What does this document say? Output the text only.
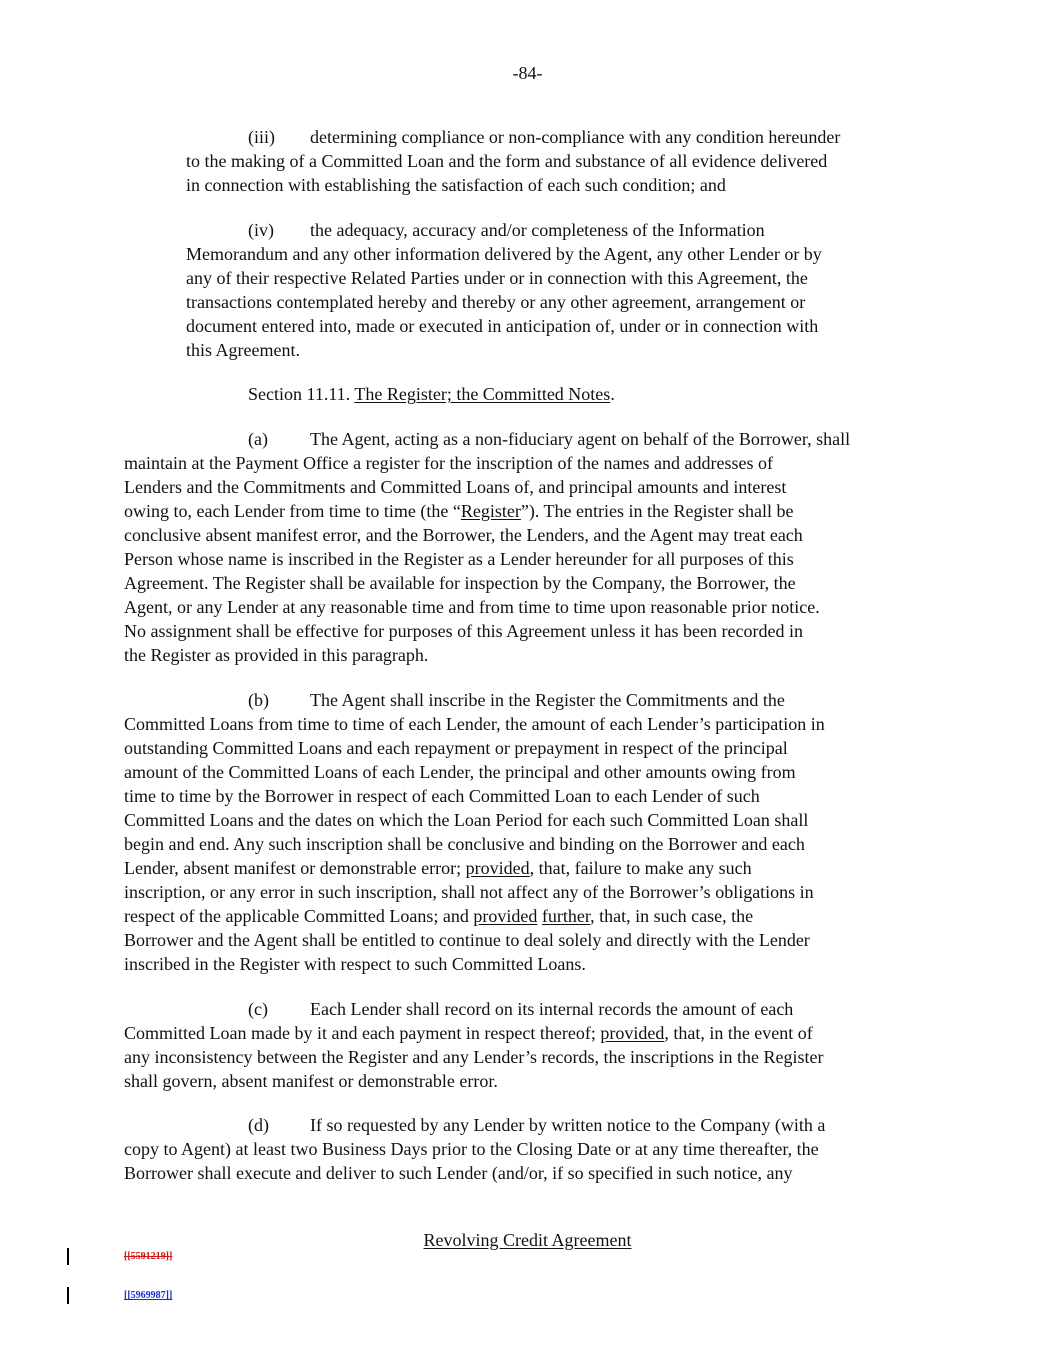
-84-
(iii) determining compliance or non-compliance with any condition hereunder
to the making of a Committed Loan and the form and substance of all evidence delivered
in connection with establishing the satisfaction of each such condition; and
(iv) the adequacy, accuracy and/or completeness of the Information
Memorandum and any other information delivered by the Agent, any other Lender or by
any of their respective Related Parties under or in connection with this Agreement, the
transactions contemplated hereby and thereby or any other agreement, arrangement or
document entered into, made or executed in anticipation of, under or in connection with
this Agreement.
Section 11.11. The Register; the Committed Notes.
(a) The Agent, acting as a non-fiduciary agent on behalf of the Borrower, shall
maintain at the Payment Office a register for the inscription of the names and addresses of
Lenders and the Commitments and Committed Loans of, and principal amounts and interest
owing to, each Lender from time to time (the “Register”). The entries in the Register shall be
conclusive absent manifest error, and the Borrower, the Lenders, and the Agent may treat each
Person whose name is inscribed in the Register as a Lender hereunder for all purposes of this
Agreement. The Register shall be available for inspection by the Company, the Borrower, the
Agent, or any Lender at any reasonable time and from time to time upon reasonable prior notice.
No assignment shall be effective for purposes of this Agreement unless it has been recorded in
the Register as provided in this paragraph.
(b) The Agent shall inscribe in the Register the Commitments and the
Committed Loans from time to time of each Lender, the amount of each Lender’s participation in
outstanding Committed Loans and each repayment or prepayment in respect of the principal
amount of the Committed Loans of each Lender, the principal and other amounts owing from
time to time by the Borrower in respect of each Committed Loan to each Lender of such
Committed Loans and the dates on which the Loan Period for each such Committed Loan shall
begin and end. Any such inscription shall be conclusive and binding on the Borrower and each
Lender, absent manifest or demonstrable error; provided, that, failure to make any such
inscription, or any error in such inscription, shall not affect any of the Borrower’s obligations in
respect of the applicable Committed Loans; and provided further, that, in such case, the
Borrower and the Agent shall be entitled to continue to deal solely and directly with the Lender
inscribed in the Register with respect to such Committed Loans.
(c) Each Lender shall record on its internal records the amount of each
Committed Loan made by it and each payment in respect thereof; provided, that, in the event of
any inconsistency between the Register and any Lender’s records, the inscriptions in the Register
shall govern, absent manifest or demonstrable error.
(d) If so requested by any Lender by written notice to the Company (with a
copy to Agent) at least two Business Days prior to the Closing Date or at any time thereafter, the
Borrower shall execute and deliver to such Lender (and/or, if so specified in such notice, any
Revolving Credit Agreement
[[5591219]]
[[5969987]]
